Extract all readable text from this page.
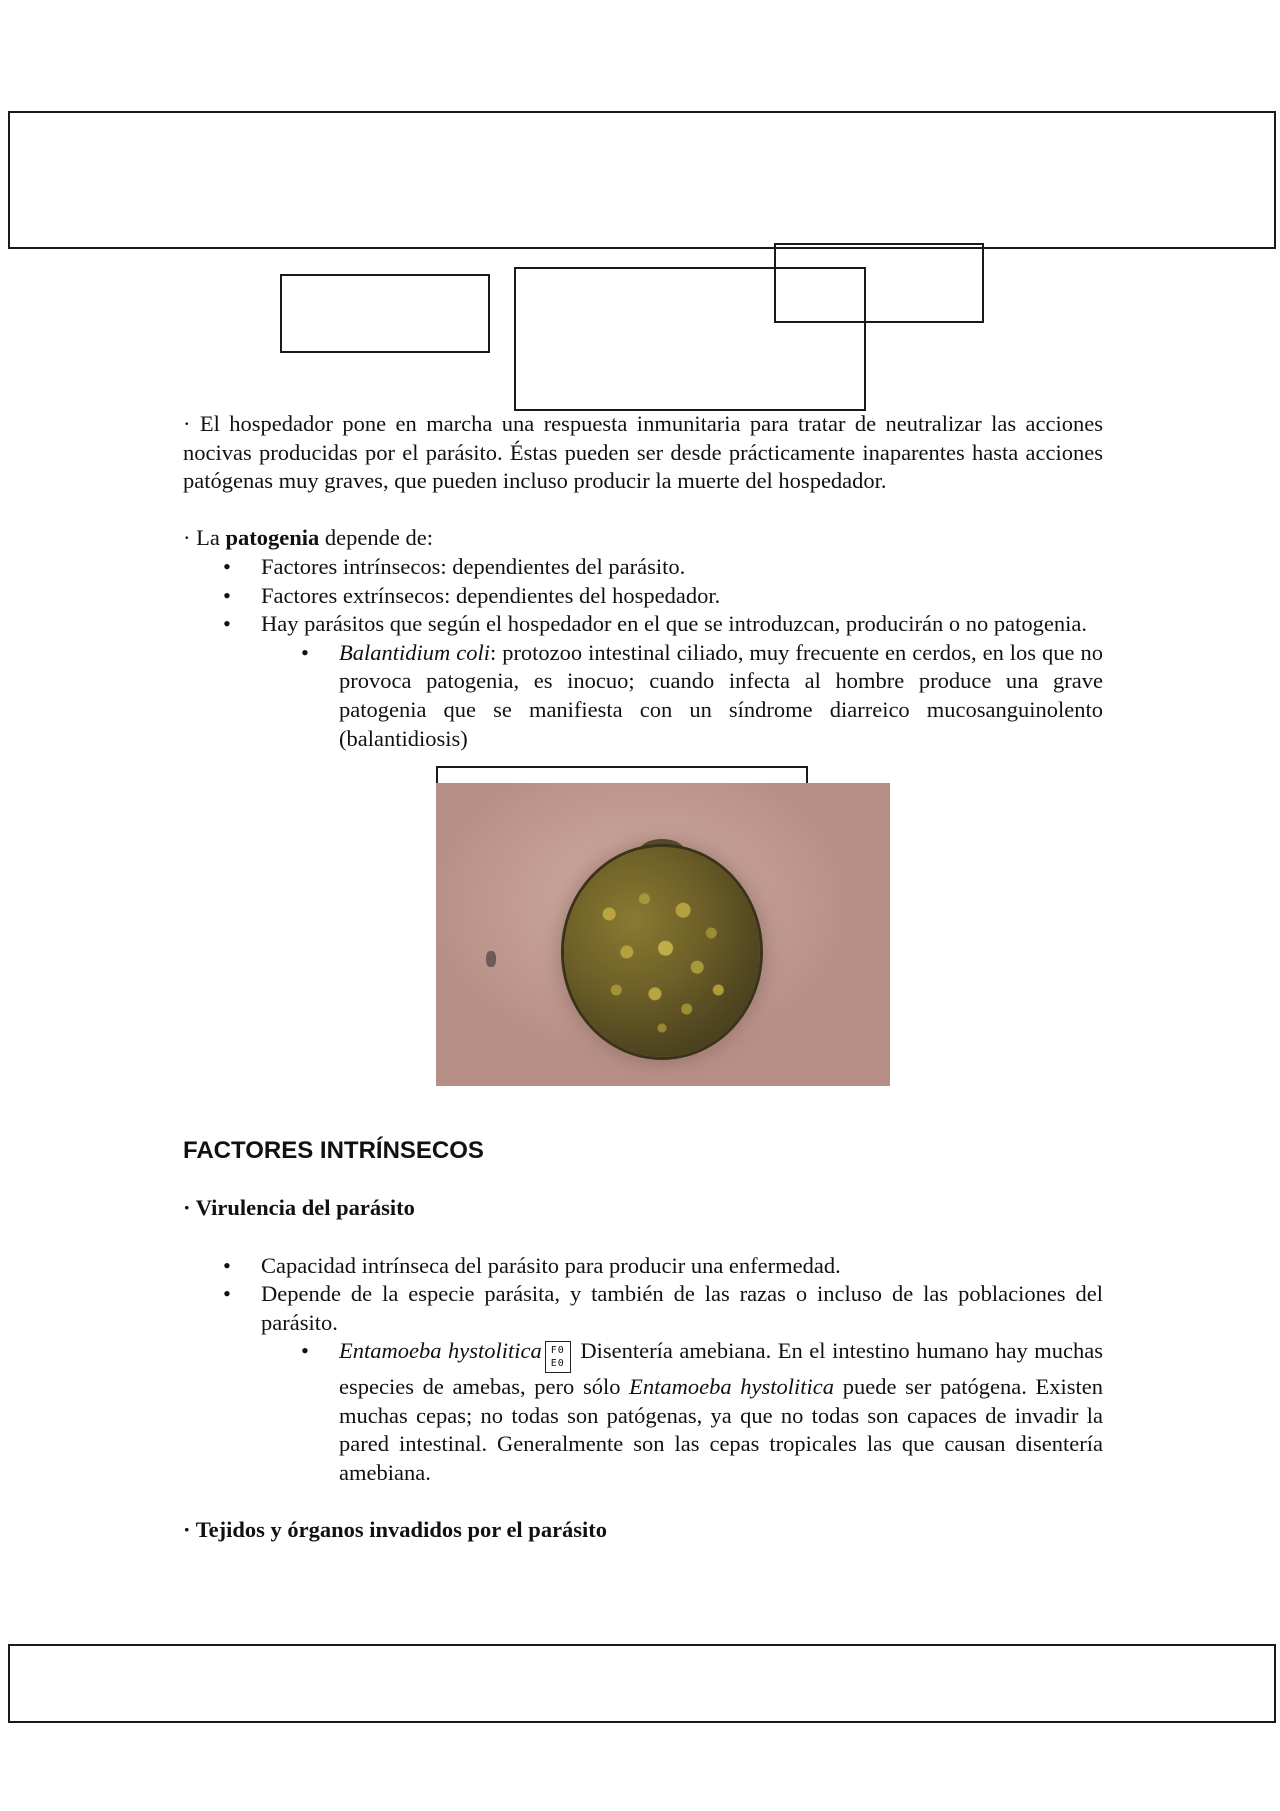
· El hospedador pone en marcha una respuesta inmunitaria para tratar de neutralizar las acciones nocivas producidas por el parásito. Éstas pueden ser desde prácticamente inaparentes hasta acciones patógenas muy graves, que pueden incluso producir la muerte del hospedador.

· La patogenia depende de:

• Factores intrínsecos: dependientes del parásito.
• Factores extrínsecos: dependientes del hospedador.
• Hay parásitos que según el hospedador en el que se introduzcan, producirán o no patogenia.
• Balantidium coli: protozoo intestinal ciliado, muy frecuente en cerdos, en los que no provoca patogenia, es inocuo; cuando infecta al hombre produce una grave patogenia que se manifiesta con un síndrome diarreico mucosanguinolento (balantidiosis)

FACTORES INTRÍNSECOS

· Virulencia del parásito

• Capacidad intrínseca del parásito para producir una enfermedad.
• Depende de la especie parásita, y también de las razas o incluso de las poblaciones del parásito.
• Entamoeba hystolitica F0
E0
Disentería amebiana. En el intestino humano hay muchas especies de amebas, pero sólo Entamoeba hystolitica puede ser patógena. Existen muchas cepas; no todas son patógenas, ya que no todas son capaces de invadir la pared intestinal. Generalmente son las cepas tropicales las que causan disentería amebiana.

· Tejidos y órganos invadidos por el parásito
